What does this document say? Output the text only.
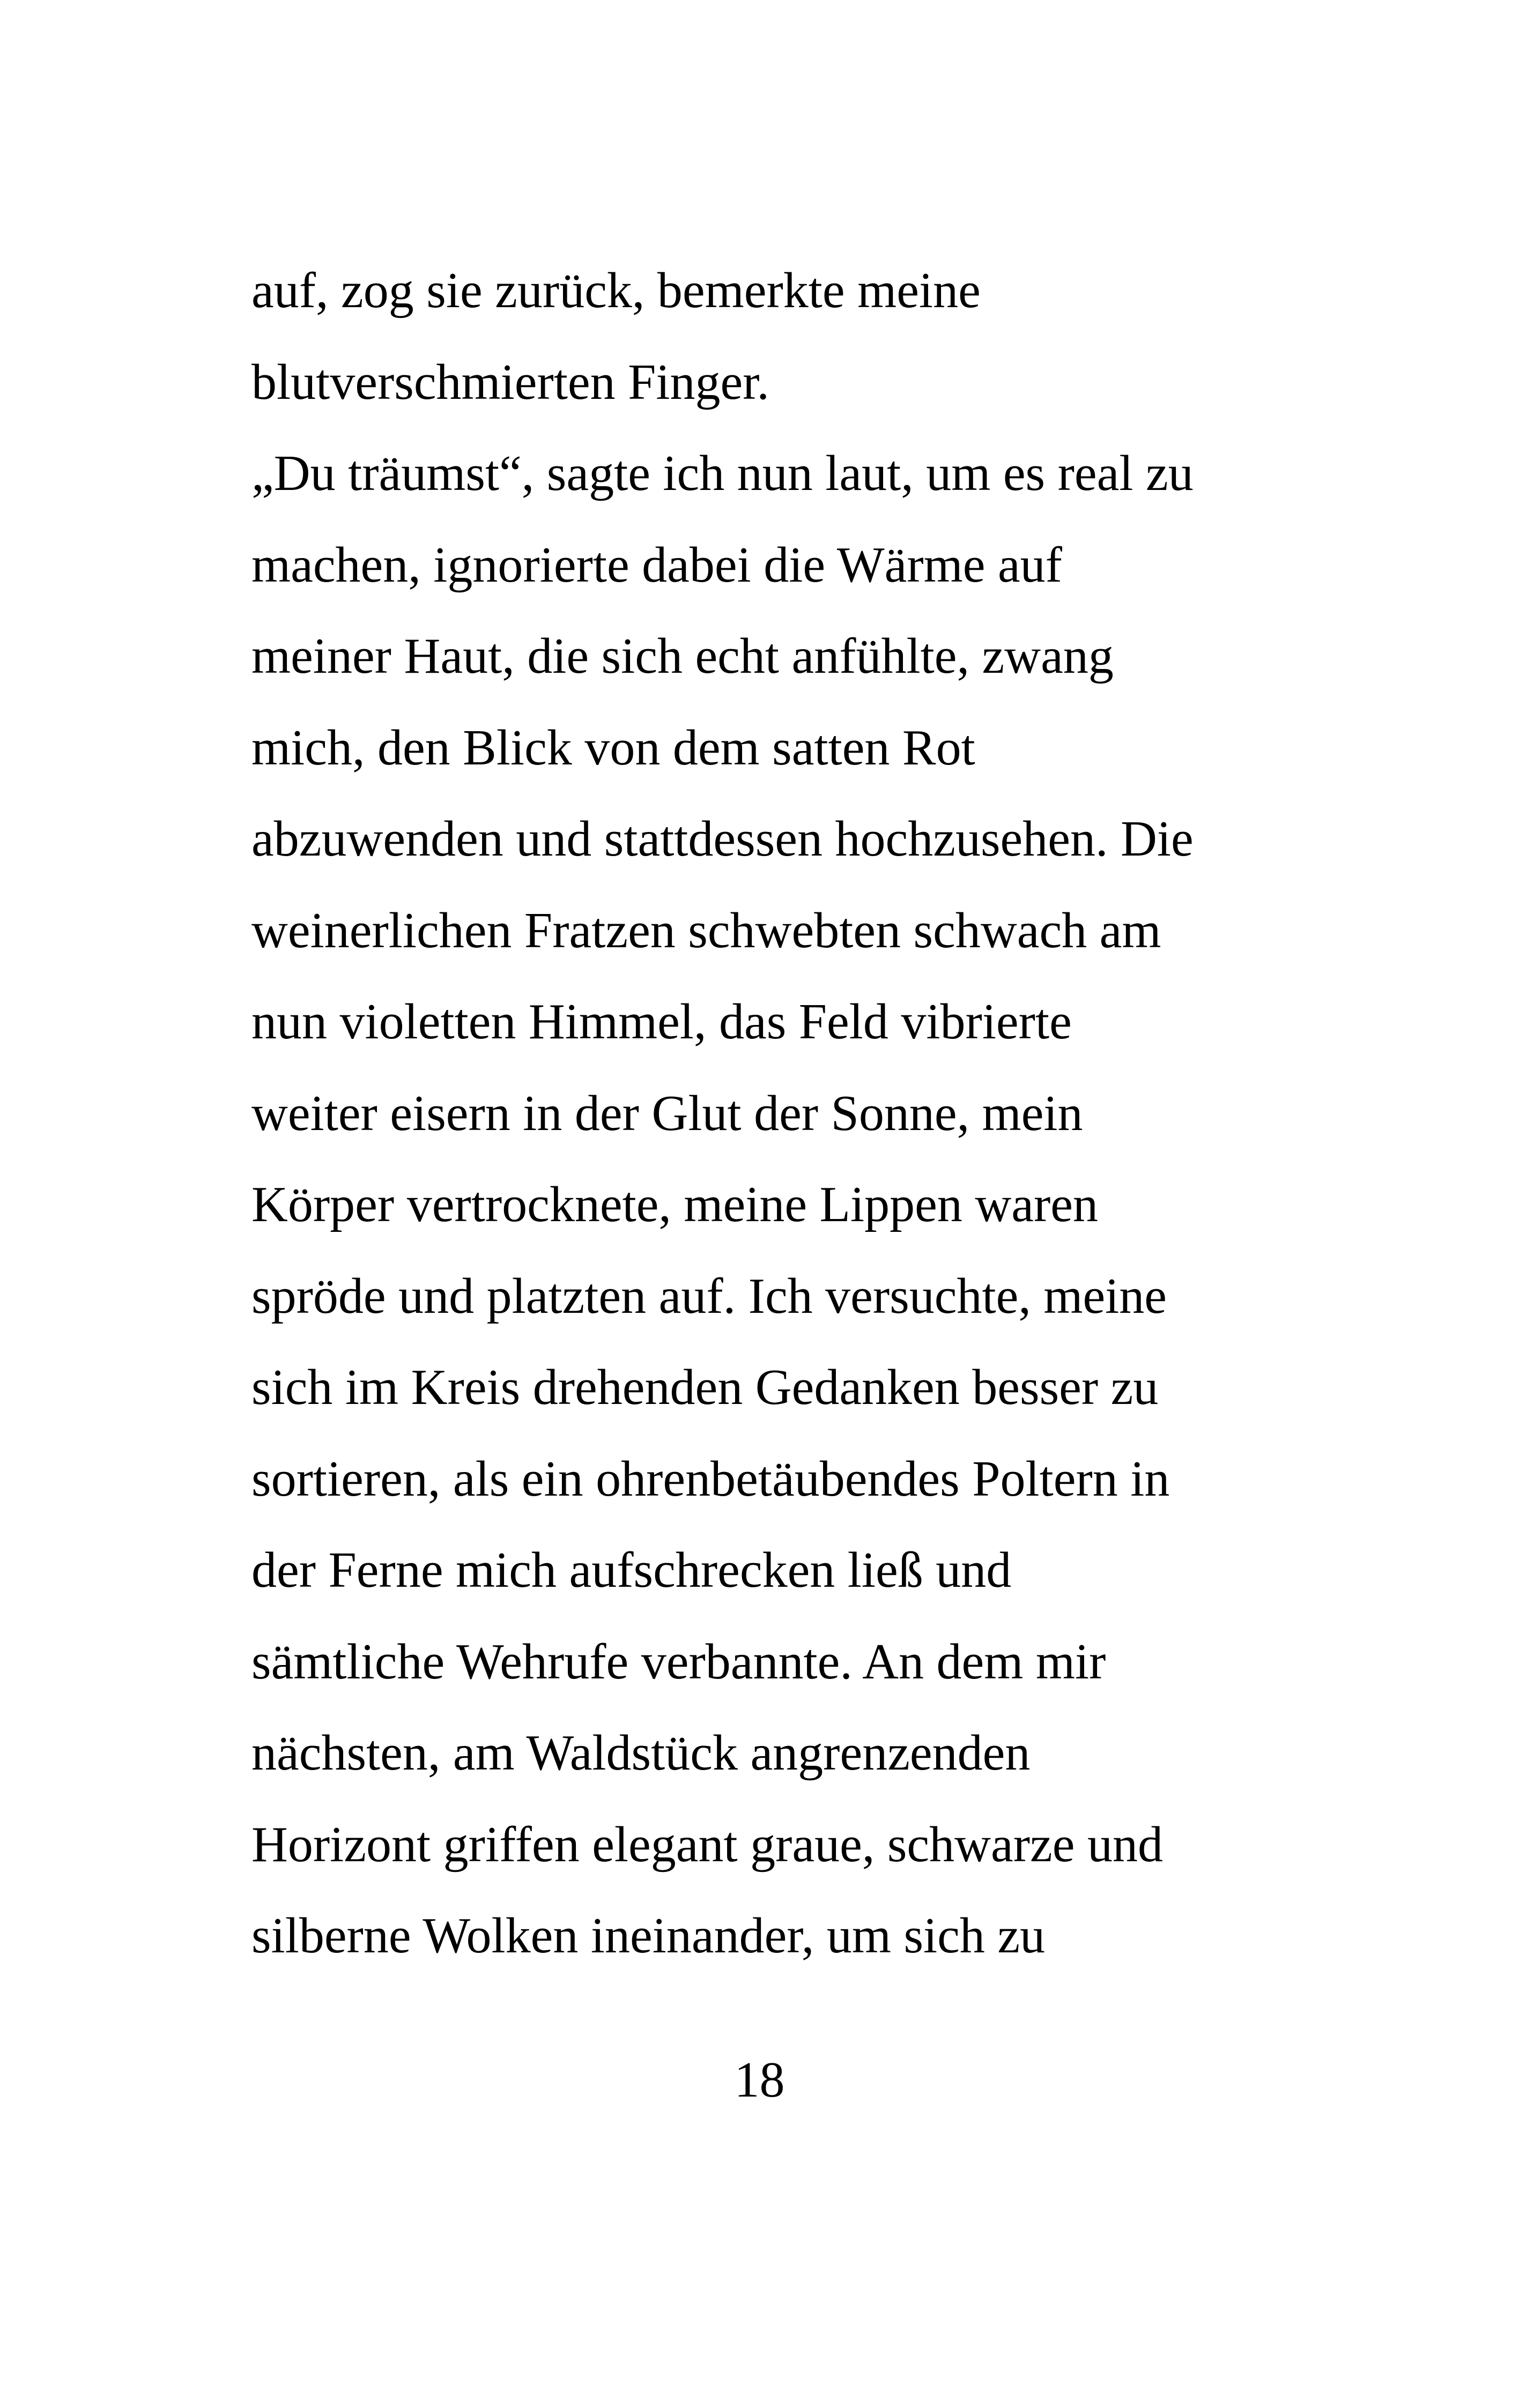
auf, zog sie zurück, bemerkte meine
blutverschmierten Finger.
„Du träumst“, sagte ich nun laut, um es real zu
machen, ignorierte dabei die Wärme auf
meiner Haut, die sich echt anfühlte, zwang
mich, den Blick von dem satten Rot
abzuwenden und stattdessen hochzusehen. Die
weinerlichen Fratzen schwebten schwach am
nun violetten Himmel, das Feld vibrierte
weiter eisern in der Glut der Sonne, mein
Körper vertrocknete, meine Lippen waren
spröde und platzten auf. Ich versuchte, meine
sich im Kreis drehenden Gedanken besser zu
sortieren, als ein ohrenbetäubendes Poltern in
der Ferne mich aufschrecken ließ und
sämtliche Wehrufe verbannte. An dem mir
nächsten, am Waldstück angrenzenden
Horizont griffen elegant graue, schwarze und
silberne Wolken ineinander, um sich zu
18
